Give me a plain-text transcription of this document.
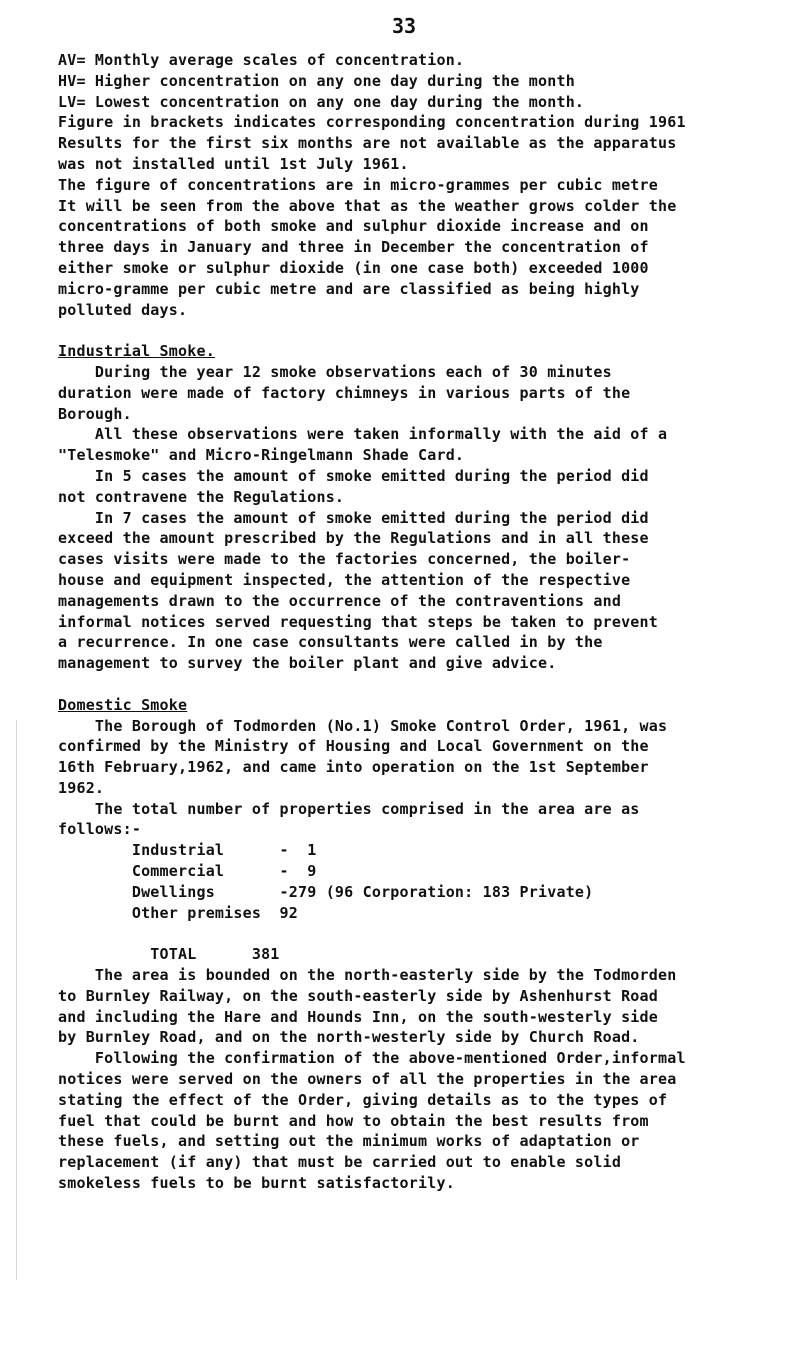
33
AV= Monthly average scales of concentration.
HV= Higher concentration on any one day during the month
LV= Lowest concentration on any one day during the month.
Figure in brackets indicates corresponding concentration during 1961
Results for the first six months are not available as the apparatus
was not installed until 1st July 1961.
The figure of concentrations are in micro-grammes per cubic metre
It will be seen from the above that as the weather grows colder the
concentrations of both smoke and sulphur dioxide increase and on
three days in January and three in December the concentration of
either smoke or sulphur dioxide (in one case both) exceeded 1000
micro-gramme per cubic metre and are classified as being highly
polluted days.
Industrial Smoke.
During the year 12 smoke observations each of 30 minutes
duration were made of factory chimneys in various parts of the
Borough.
All these observations were taken informally with the aid of a
"Telesmoke" and Micro-Ringelmann Shade Card.
In 5 cases the amount of smoke emitted during the period did
not contravene the Regulations.
In 7 cases the amount of smoke emitted during the period did
exceed the amount prescribed by the Regulations and in all these
cases visits were made to the factories concerned, the boiler-
house and equipment inspected, the attention of the respective
managements drawn to the occurrence of the contraventions and
informal notices served requesting that steps be taken to prevent
a recurrence. In one case consultants were called in by the
management to survey the boiler plant and give advice.
Domestic Smoke
The Borough of Todmorden (No.1) Smoke Control Order, 1961, was
confirmed by the Ministry of Housing and Local Government on the
16th February,1962, and came into operation on the 1st September
1962.
The total number of properties comprised in the area are as
follows:-
Industrial      -  1
Commercial      -  9
Dwellings       -279 (96 Corporation: 183 Private)
Other premises  92
TOTAL      381
The area is bounded on the north-easterly side by the Todmorden
to Burnley Railway, on the south-easterly side by Ashenhurst Road
and including the Hare and Hounds Inn, on the south-westerly side
by Burnley Road, and on the north-westerly side by Church Road.
Following the confirmation of the above-mentioned Order,informal
notices were served on the owners of all the properties in the area
stating the effect of the Order, giving details as to the types of
fuel that could be burnt and how to obtain the best results from
these fuels, and setting out the minimum works of adaptation or
replacement (if any) that must be carried out to enable solid
smokeless fuels to be burnt satisfactorily.
